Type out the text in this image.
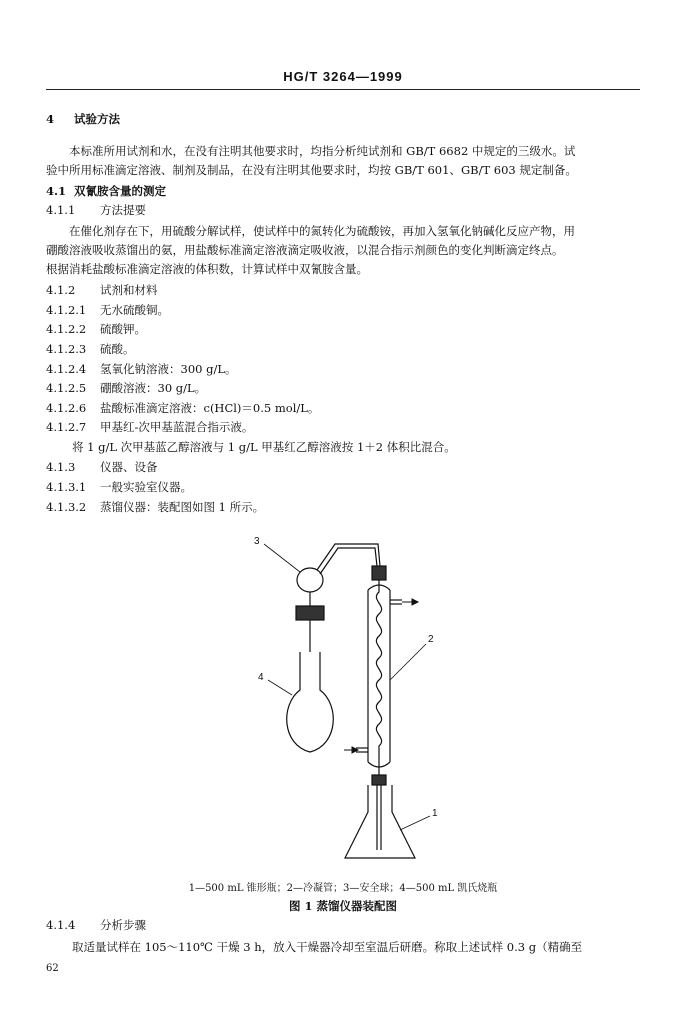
HG/T 3264—1999
4 试验方法

本标准所用试剂和水，在没有注明其他要求时，均指分析纯试剂和 GB/T 6682 中规定的三级水。试

验中所用标准滴定溶液、制剂及制品，在没有注明其他要求时，均按 GB/T 601、GB/T 603 规定制备。

4.1 双氰胺含量的测定
4.1.1 方法提要

在催化剂存在下，用硫酸分解试样，使试样中的氮转化为硫酸铵，再加入氢氧化钠碱化反应产物，用

硼酸溶液吸收蒸馏出的氨，用盐酸标准滴定溶液滴定吸收液，以混合指示剂颜色的变化判断滴定终点。

根据消耗盐酸标准滴定溶液的体积数，计算试样中双氰胺含量。

4.1.2 试剂和材料
4.1.2.1 无水硫酸铜。
4.1.2.2 硫酸钾。
4.1.2.3 硫酸。
4.1.2.4 氢氧化钠溶液：300 g/L。
4.1.2.5 硼酸溶液：30 g/L。
4.1.2.6 盐酸标准滴定溶液：c(HCl)＝0.5 mol/L。
4.1.2.7 甲基红-次甲基蓝混合指示液。
将 1 g/L 次甲基蓝乙醇溶液与 1 g/L 甲基红乙醇溶液按 1＋2 体积比混合。
4.1.3 仪器、设备
4.1.3.1 一般实验室仪器。
4.1.3.2 蒸馏仪器：装配图如图 1 所示。
3
2
4
1
1—500 mL 锥形瓶；2—冷凝管；3—安全球；4—500 mL 凯氏烧瓶
图 1 蒸馏仪器装配图
4.1.4 分析步骤
取适量试样在 105～110℃ 干燥 3 h，放入干燥器冷却至室温后研磨。称取上述试样 0.3 g（精确至
62
